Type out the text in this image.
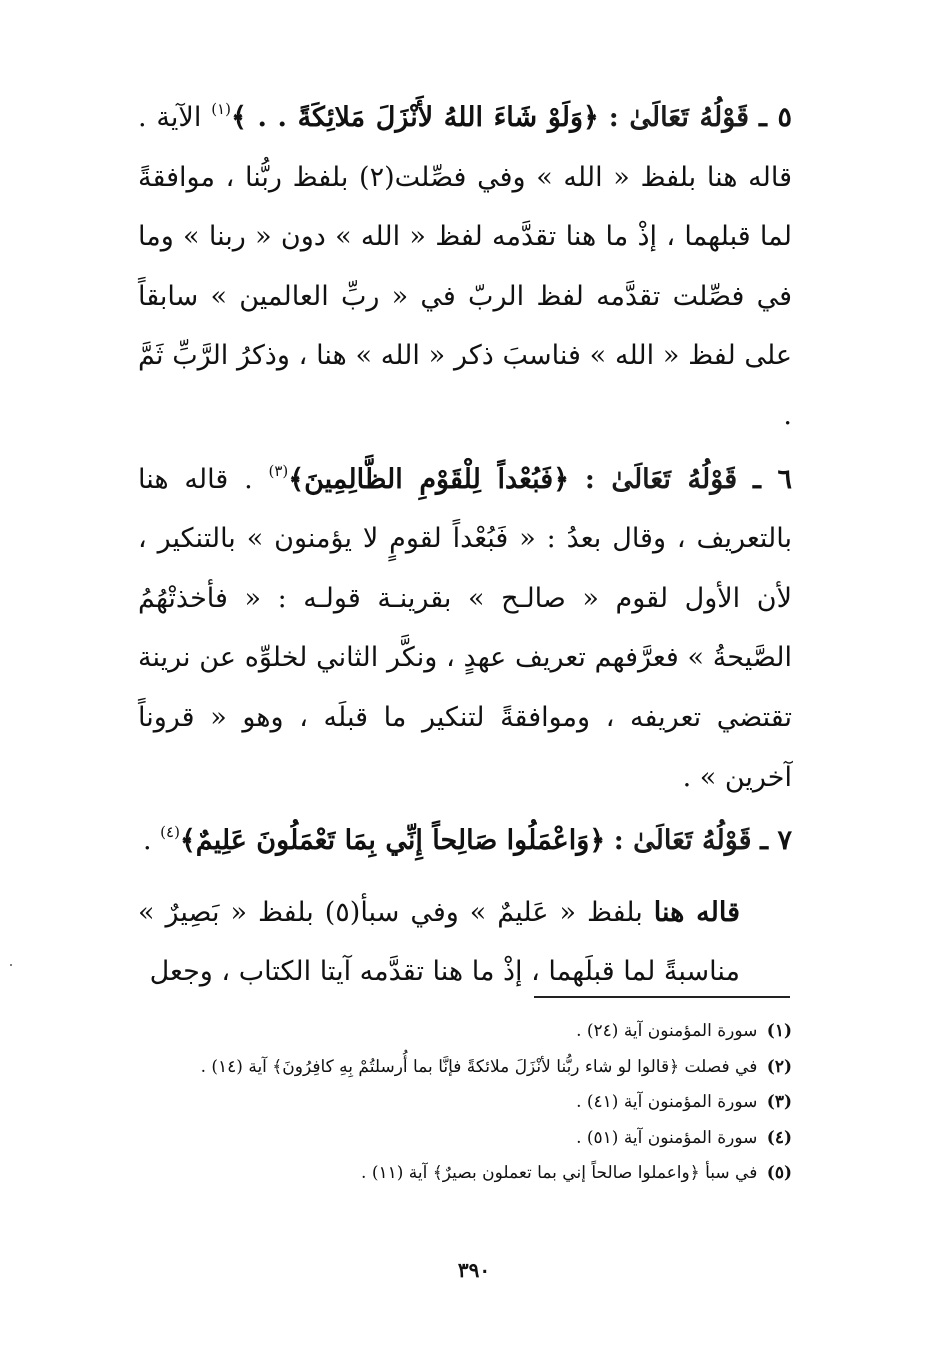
٥ ـ قَوْلُهُ تَعَالَىٰ : ﴿وَلَوْ شَاءَ اللهُ لأَنْزَلَ مَلائِكَةً . . ﴾$^{(١)}$ الآية . قاله هنا بلفظ « الله » وفي فصِّلت(٢) بلفظ ربُّنا ، موافقةً لما قبلهما ، إذْ ما هنا تقدَّمه لفظ « الله » دون « ربنا » وما في فصِّلت تقدَّمه لفظ الربّ في « ربِّ العالمين » سابقاً على لفظ « الله » فناسبَ ذكر « الله » هنا ، وذكرُ الرَّبِّ ثَمَّ .

٦ ـ قَوْلُهُ تَعَالَىٰ : ﴿فَبُعْداً لِلْقَوْمِ الظَّالِمِينَ﴾$^{(٣)}$ . قاله هنا بالتعريف ، وقال بعدُ : « فَبُعْداً لقومٍ لا يؤمنون » بالتنكير ، لأن الأول لقوم « صالـح » بقرينـة قولـه : « فأخذتْهُمُ الصَّيحةُ » فعرَّفهم تعريف عهدٍ ، ونكَّر الثاني لخلوِّه عن نرينة تقتضي تعريفه ، وموافقةً لتنكير ما قبلَه ، وهو « قروناً آخرين » .

٧ ـ قَوْلُهُ تَعَالَىٰ : ﴿وَاعْمَلُوا صَالِحاً إِنِّي بِمَا تَعْمَلُونَ عَلِيمٌ﴾$^{(٤)}$ .

قاله هنا بلفظ « عَليمٌ » وفي سبأ(٥) بلفظ « بَصِيرٌ » مناسبةً لما قبلَهما ، إذْ ما هنا تقدَّمه آيتا الكتاب ، وجعل

(١) سورة المؤمنون آية (٢٤) .

(٢) في فصلت ﴿قالوا لو شاء ربُّنا لأنْزَلَ ملائكةً فإنَّا بما أُرسلتُمْ بِهِ كافِرُونَ﴾ آية (١٤) .

(٣) سورة المؤمنون آية (٤١) .

(٤) سورة المؤمنون آية (٥١) .

(٥) في سبأ ﴿واعملوا صالحاً إني بما تعملون بصيرٌ﴾ آية (١١) .

٣٩٠
